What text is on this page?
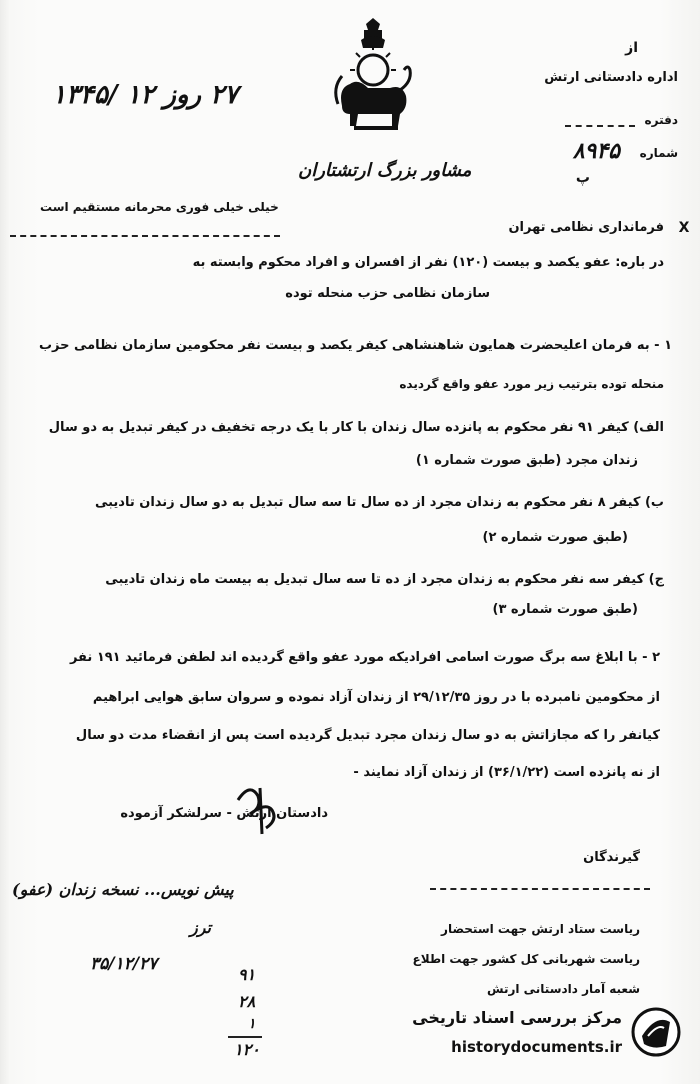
۲۷ روز ۱۲ /۱۳۴۵
از
اداره دادستانی ارتش
دفتره
شماره
۸۹۴۵
پ
مشاور بزرگ ارتشتاران
خیلی خیلی فوری محرمانه مستقیم است
X
فرمانداری نظامی تهران
در باره: عفو یکصد و بیست (۱۲۰) نفر از افسران و افراد محکوم وابسته به
سازمان نظامی حزب منحله توده
۱ - به فرمان اعلیحضرت همایون شاهنشاهی کیفر یکصد و بیست نفر محکومین سازمان نظامی حزب
منحله توده بترتیب زیر مورد عفو واقع گردیده
الف) کیفر ۹۱ نفر محکوم به پانزده سال زندان با کار با یک درجه تخفیف در کیفر تبدیل به دو سال
زندان مجرد (طبق صورت شماره ۱)
ب) کیفر ۸ نفر محکوم به زندان مجرد از ده سال تا سه سال تبدیل به دو سال زندان تادیبی
(طبق صورت شماره ۲)
ج) کیفر سه نفر محکوم به زندان مجرد از ده تا سه سال تبدیل به بیست ماه زندان تادیبی
(طبق صورت شماره ۳)
۲ - با ابلاغ سه برگ صورت اسامی افرادیکه مورد عفو واقع گردیده اند لطفن فرمائید ۱۹۱ نفر
از محکومین نامبرده با در روز ۲۹/۱۲/۳۵ از زندان آزاد نموده و سروان سابق هوایی ابراهیم
کیانفر را که مجازاتش به دو سال زندان مجرد تبدیل گردیده است پس از انقضاء مدت دو سال
از نه پانزده است (۳۶/۱/۲۲) از زندان آزاد نمایند -
دادستان ارتش - سرلشکر آزموده
گیرندگان
ریاست ستاد ارتش جهت استحضار
ریاست شهربانی کل کشور جهت اطلاع
شعبه آمار دادستانی ارتش
پیش نویس... نسخه زندان (عفو)
ترز
۳۵/۱۲/۲۷
۹۱
۲۸
۱
۱۲۰
مرکز بررسی اسناد تاریخی
historydocuments.ir
